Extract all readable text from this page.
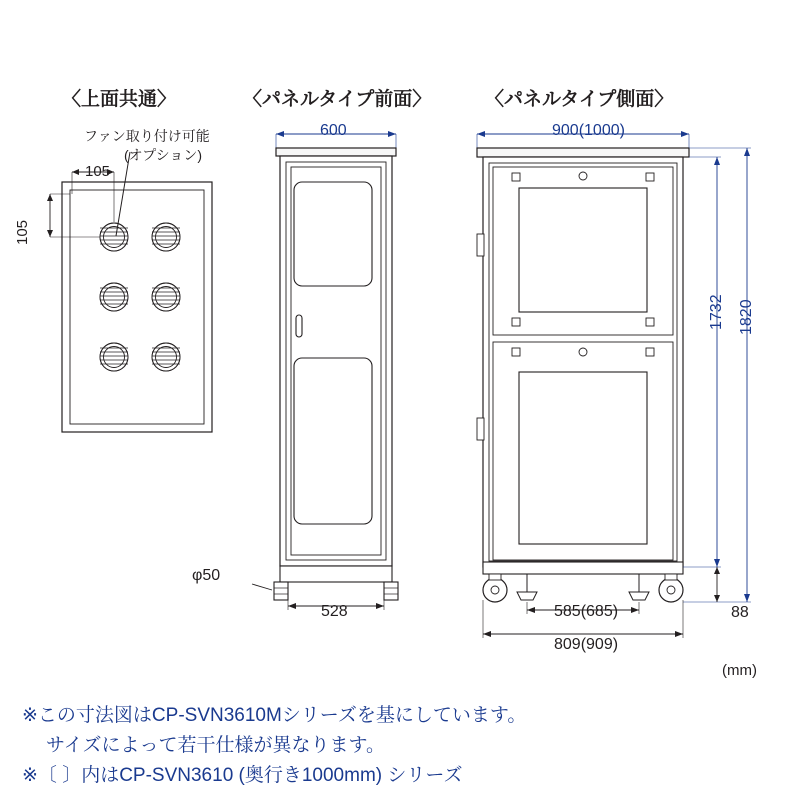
〈上面共通〉	〈パネルタイプ前面〉	〈パネルタイプ側面〉
ファン取り付け可能
(オプション)
105
105
600
φ50
528
900(1000)
1732 1820
88
585(685)
809(909)
(mm)
※この寸法図はCP-SVN3610Mシリーズを基にしています。
サイズによって若干仕様が異なります。
※〔 〕内はCP-SVN3610 (奥行き1000mm) シリーズ
